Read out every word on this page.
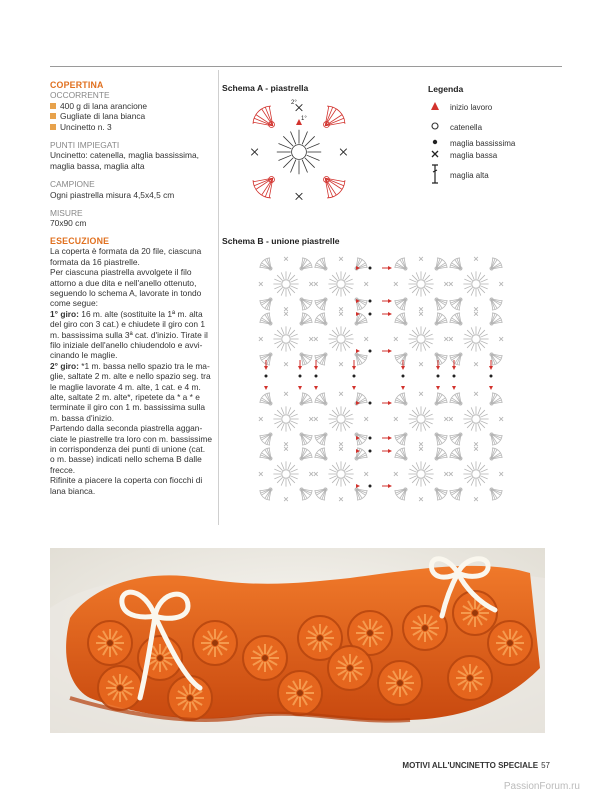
COPERTINA
OCCORRENTE
400 g di lana arancione
Gugliate di lana bianca
Uncinetto n. 3
PUNTI IMPIEGATI
Uncinetto: catenella, maglia bassissima,
maglia bassa, maglia alta
CAMPIONE
Ogni piastrella misura 4,5x4,5 cm
MISURE
70x90 cm
ESECUZIONE
La coperta è formata da 20 file, ciascuna
formata da 16 piastrelle.
Per ciascuna piastrella avvolgete il filo
attorno a due dita e nell'anello ottenuto,
seguendo lo schema A, lavorate in tondo
come segue:
1° giro: 16 m. alte (sostituite la 1ª m. alta
del giro con 3 cat.) e chiudete il giro con 1
m. bassissima sulla 3ª cat. d'inizio. Tirate il
filo iniziale dell'anello chiudendolo e avvi-
cinando le maglie.
2° giro: *1 m. bassa nello spazio tra le ma-
glie, saltate 2 m. alte e nello spazio seg. tra
le maglie lavorate 4 m. alte, 1 cat. e 4 m.
alte, saltate 2 m. alte*, ripetete da * a * e
terminate il giro con 1 m. bassissima sulla
m. bassa d'inizio.
Partendo dalla seconda piastrella aggan-
ciate le piastrelle tra loro con m. bassissime
in corrispondenza dei punti di unione (cat.
o m. basse) indicati nello schema B dalle
frecce.
Rifinite a piacere la coperta con fiocchi di
lana bianca.
Schema A - piastrella
2°
1°
Legenda
inizio lavoro
catenella
maglia bassissima
maglia bassa
maglia alta
Schema B - unione piastrelle
MOTIVI ALL'UNCINETTO SPECIALE 57
PassionForum.ru
